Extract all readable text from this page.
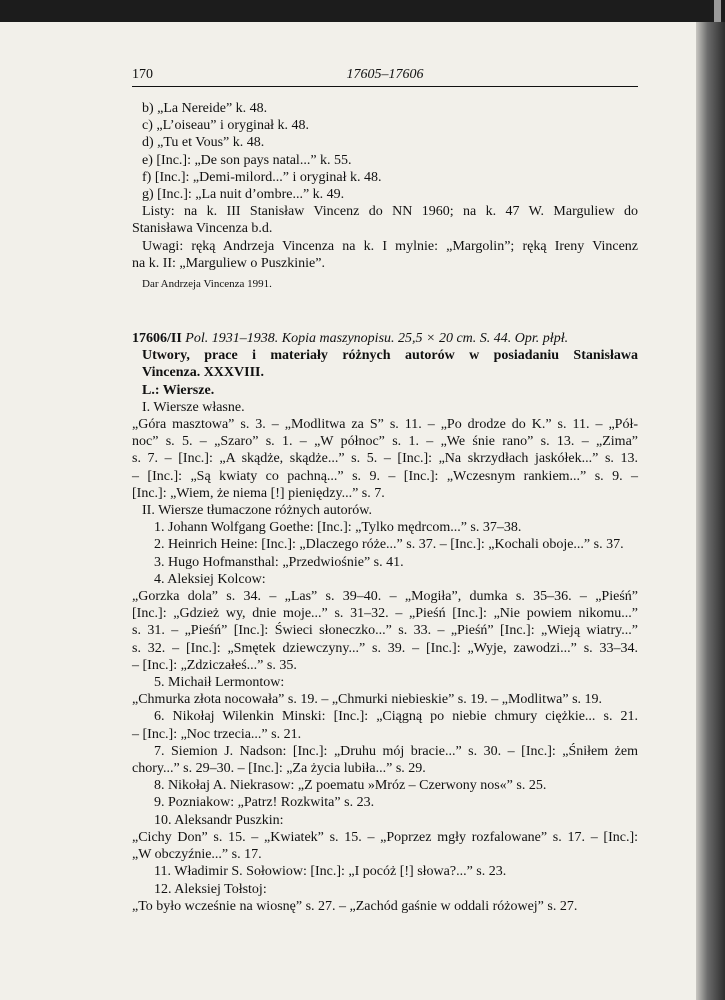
170	17605–17606
b) „La Nereide” k. 48.
c) „L’oiseau” i oryginał k. 48.
d) „Tu et Vous” k. 48.
e) [Inc.]: „De son pays natal...” k. 55.
f) [Inc.]: „Demi-milord...” i oryginał k. 48.
g) [Inc.]: „La nuit d’ombre...” k. 49.
Listy: na k. III Stanisław Vincenz do NN 1960; na k. 47 W. Marguliew do
Stanisława Vincenza b.d.
Uwagi: ręką Andrzeja Vincenza na k. I mylnie: „Margolin”; ręką Ireny Vincenz
na k. II: „Marguliew o Puszkinie”.
Dar Andrzeja Vincenza 1991.
17606/II Pol. 1931–1938. Kopia maszynopisu. 25,5 × 20 cm. S. 44. Opr. płpł.
Utwory, prace i materiały różnych autorów w posiadaniu Stanisława
Vincenza. XXXVIII.
L.: Wiersze.
I. Wiersze własne.
„Góra masztowa” s. 3. – „Modlitwa za S” s. 11. – „Po drodze do K.” s. 11. – „Pół-
noc” s. 5. – „Szaro” s. 1. – „W północ” s. 1. – „We śnie rano” s. 13. – „Zima”
s. 7. – [Inc.]: „A skądże, skądże...” s. 5. – [Inc.]: „Na skrzydłach jaskółek...” s. 13.
– [Inc.]: „Są kwiaty co pachną...” s. 9. – [Inc.]: „Wczesnym rankiem...” s. 9. –
[Inc.]: „Wiem, że niema [!] pieniędzy...” s. 7.
II. Wiersze tłumaczone różnych autorów.
1. Johann Wolfgang Goethe: [Inc.]: „Tylko mędrcom...” s. 37–38.
2. Heinrich Heine: [Inc.]: „Dlaczego róże...” s. 37. – [Inc.]: „Kochali oboje...” s. 37.
3. Hugo Hofmansthal: „Przedwiośnie” s. 41.
4. Aleksiej Kolcow:
„Gorzka dola” s. 34. – „Las” s. 39–40. – „Mogiła”, dumka s. 35–36. – „Pieśń”
[Inc.]: „Gdzież wy, dnie moje...” s. 31–32. – „Pieśń [Inc.]: „Nie powiem nikomu...”
s. 31. – „Pieśń” [Inc.]: Świeci słoneczko...” s. 33. – „Pieśń” [Inc.]: „Wieją wiatry...”
s. 32. – [Inc.]: „Smętek dziewczyny...” s. 39. – [Inc.]: „Wyje, zawodzi...” s. 33–34.
– [Inc.]: „Zdziczałeś...” s. 35.
5. Michaił Lermontow:
„Chmurka złota nocowała” s. 19. – „Chmurki niebieskie” s. 19. – „Modlitwa” s. 19.
6. Nikołaj Wilenkin Minski: [Inc.]: „Ciągną po niebie chmury ciężkie... s. 21.
– [Inc.]: „Noc trzecia...” s. 21.
7. Siemion J. Nadson: [Inc.]: „Druhu mój bracie...” s. 30. – [Inc.]: „Śniłem żem
chory...” s. 29–30. – [Inc.]: „Za życia lubiła...” s. 29.
8. Nikołaj A. Niekrasow: „Z poematu »Mróz – Czerwony nos«” s. 25.
9. Pozniakow: „Patrz! Rozkwita” s. 23.
10. Aleksandr Puszkin:
„Cichy Don” s. 15. – „Kwiatek” s. 15. – „Poprzez mgły rozfalowane” s. 17. – [Inc.]:
„W obczyźnie...” s. 17.
11. Władimir S. Sołowiow: [Inc.]: „I pocóż [!] słowa?...” s. 23.
12. Aleksiej Tołstoj:
„To było wcześnie na wiosnę” s. 27. – „Zachód gaśnie w oddali różowej” s. 27.
